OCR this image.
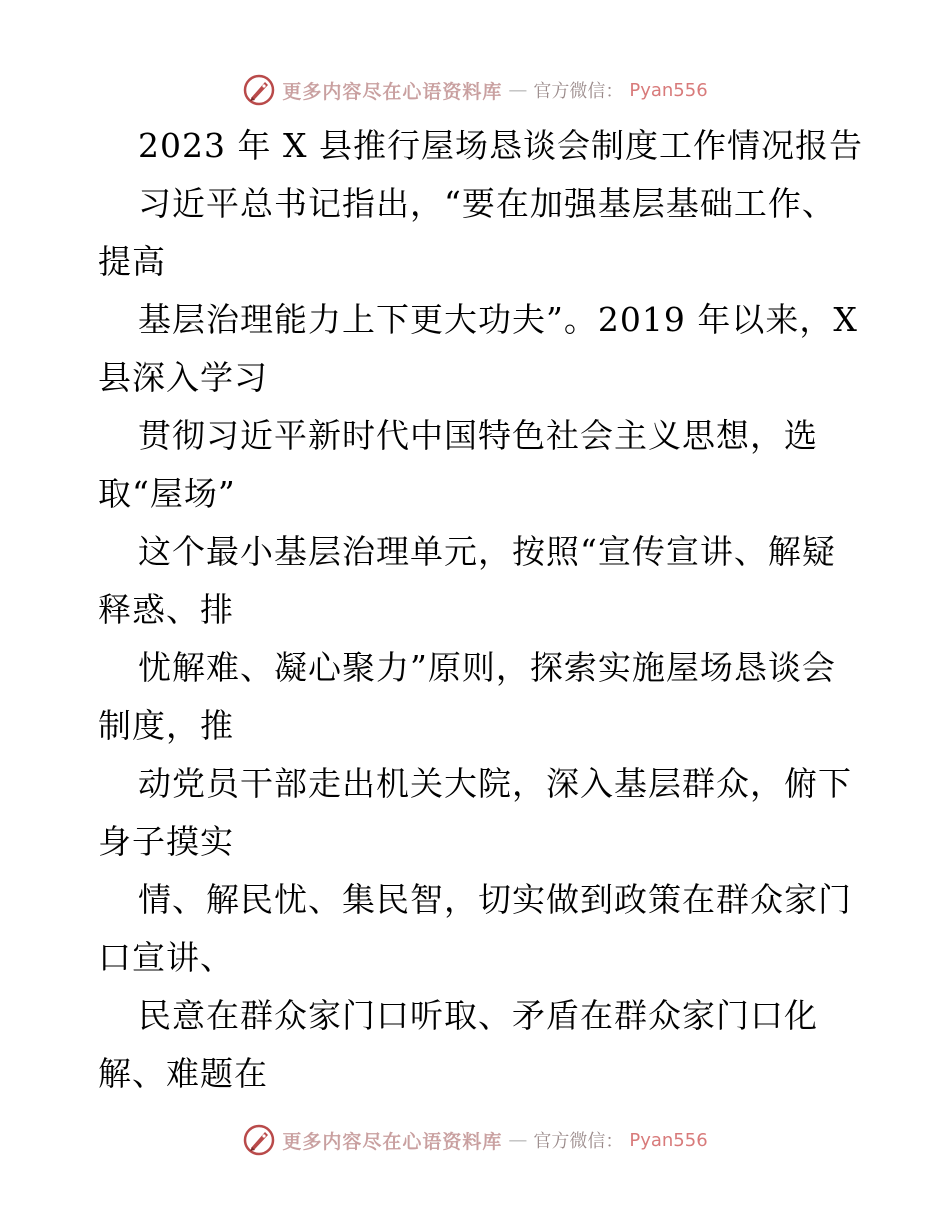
更多内容尽在心语资料库 — 官方微信： Pyan556
2023 年 X 县推行屋场恳谈会制度工作情况报告
习近平总书记指出，“要在加强基层基础工作、
提高
基层治理能力上下更大功夫”。2019 年以来，X
县深入学习
贯彻习近平新时代中国特色社会主义思想，选
取“屋场”
这个最小基层治理单元，按照“宣传宣讲、解疑
释惑、排
忧解难、凝心聚力”原则，探索实施屋场恳谈会
制度，推
动党员干部走出机关大院，深入基层群众，俯下
身子摸实
情、解民忧、集民智，切实做到政策在群众家门
口宣讲、
民意在群众家门口听取、矛盾在群众家门口化
解、难题在
更多内容尽在心语资料库 — 官方微信： Pyan556
